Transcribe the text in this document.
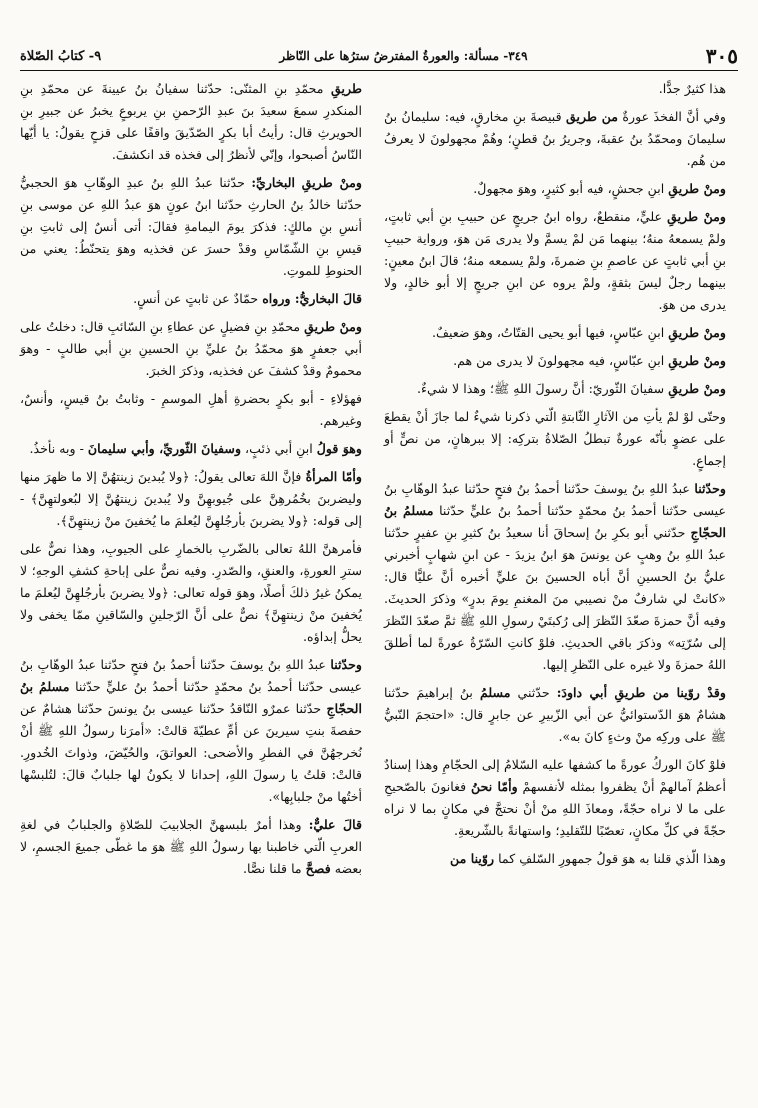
٣٠٥
٣٤٩- مسألة: والعورةُ المفترضُ سترُها على النّاظر
٩- كتابُ الصّلاة

هذا كثيرٌ جدًّا.

وفي أنَّ الفخذَ عورةٌ من طريق قبيصةَ بنِ مخارقٍ، فيه: سليمانُ بنُ سليمانَ ومحمّدُ بنُ عقبةَ، وجريرُ بنُ قطنٍ؛ وهُمْ مجهولونَ لا يعرفُ من هُم.

ومنْ طريقِ ابنِ جحشٍ، فيه أبو كثيرٍ، وهوَ مجهولٌ.

ومنْ طريقِ عليٍّ، منقطعٌ، رواه ابنُ جريجٍ عن حبيبِ بنِ أبي ثابتٍ، ولمْ يسمعهُ منهُ؛ بينهما مَن لمْ يسمَّ ولا يدرى مَن هوَ، ورواية حبيبِ بنِ أبي ثابتٍ عن عاصمِ بنِ ضمرةَ، ولمْ يسمعه منهُ؛ قالَ ابنُ معينٍ: بينهما رجلٌ ليسَ بثقةٍ، ولمْ يروه عن ابنِ جريجٍ إلا أبو خالدٍ، ولا يدرى من هوَ.

ومنْ طريقِ ابنِ عبّاسٍ، فيها أبو يحيى القتّاتُ، وهوَ ضعيفٌ.

ومنْ طريقِ ابنِ عبّاسٍ، فيه مجهولونَ لا يدرى من هم.

ومنْ طريقِ سفيانَ الثّوريّ: أنَّ رسولَ اللهِ ﷺ؛ وهذا لا شيءٌ.

وحتّى لوْ لمْ يأتِ من الآثارِ الثّابتةِ الّتي ذكرنا شيءٌ لما جازَ أنْ يقطعَ على عضوٍ بأنّه عورةٌ تبطلُ الصّلاةُ بتركِه: إلا ببرهانٍ، من نصٍّ أو إجماعٍ.

وحدّثنا عبدُ اللهِ بنُ يوسفَ حدّثنا أحمدُ بنُ فتحٍ حدّثنا عبدُ الوهّابِ بنُ عيسى حدّثنا أحمدُ بنُ محمّدٍ حدّثنا أحمدُ بنُ عليٍّ حدّثنا مسلمُ بنُ الحجّاجِ حدّثني أبو بكرِ بنُ إسحاقَ أنا سعيدُ بنُ كثيرِ بنِ عفيرٍ حدّثنا عبدُ اللهِ بنُ وهبٍ عن يونسَ هوَ ابنُ يزيدَ - عن ابنِ شهابٍ أخبرني عليُّ بنُ الحسينِ أنَّ أباه الحسينَ بنَ عليٍّ أخبره أنَّ عليًّا قال: «كانتْ لي شارفٌ منْ نصيبي منَ المغنمِ يومَ بدرٍ» وذكرَ الحديثَ. وفيه أنَّ حمزةَ صعّدَ النّظرَ إلى رُكبتَيْ رسولِ اللهِ ﷺ ثمَّ صعّدَ النّظرَ إلى سُرّتِه» وذكرَ باقي الحديثِ. فلوْ كانتِ السّرّةُ عورةً لما أطلقَ اللهُ حمزةَ ولا غيره على النّظرِ إليها.

وقدْ روّينا من طريقِ أبي داودَ: حدّثني مسلمُ بنُ إبراهيمَ حدّثنا هشامٌ هوَ الدّستوائيُّ عن أبي الزّبيرِ عن جابرٍ قال: «احتجمَ النّبيُّ ﷺ على وركِه منْ وثءٍ كانَ به».

فلوْ كانَ الوركُ عورةً ما كشفها عليه السّلامُ إلى الحجّامِ وهذا إسنادٌ أعظمُ آمالهمْ أنْ يظفروا بمثله لأنفسهمْ وأمّا نحنُ فغانونَ بالصّحيحِ على ما لا نراه حجّةً، ومعاذَ اللهِ منْ أنْ نحتجَّ في مكانٍ بما لا نراه حجّةً في كلِّ مكانٍ، تعصّبًا للتّقليدِ؛ واستهانةً بالشّريعةِ.

وهذا الّذي قلنا به هوَ قولُ جمهورِ السّلفِ كما روّينا من

طريقِ محمّدِ بنِ المثنّى: حدّثنا سفيانُ بنُ عيينةَ عن محمّدِ بنِ المنكدرِ سمعَ سعيدَ بنَ عبدِ الرّحمنِ بنِ يربوعٍ يخبرُ عن جبيرِ بنِ الحويرثِ قال: رأيتُ أبا بكرٍ الصّدّيقَ واقفًا على قزحٍ يقولُ: يا أيّها النّاسُ أصبحوا، وإنّي لأنظرُ إلى فخذه قد انكشفَ.

ومنْ طريقِ البخاريِّ: حدّثنا عبدُ اللهِ بنُ عبدِ الوهّابِ هوَ الحجبيُّ حدّثنا خالدُ بنُ الحارثِ حدّثنا ابنُ عونٍ هوَ عبدُ اللهِ عن موسى بنِ أنسِ بنِ مالكٍ: فذكرَ يومَ اليمامةِ فقالَ: أتى أنسٌ إلى ثابتِ بنِ قيسِ بنِ الشّمّاسِ وقدْ حسرَ عن فخذيه وهوَ يتحنّطُ: يعني من الحنوطِ للموتِ.

قالَ البخاريُّ: ورواه حمّادٌ عن ثابتٍ عن أنسٍ.

ومنْ طريقِ محمّدِ بنِ فضيلٍ عن عطاءِ بنِ السّائبِ قال: دخلتُ على أبي جعفرٍ هوَ محمّدُ بنُ عليِّ بنِ الحسينِ بنِ أبي طالبٍ - وهوَ محمومٌ وقدْ كشفَ عن فخذيه، وذكرَ الخبرَ.

فهؤلاءِ - أبو بكرٍ بحضرةِ أهلِ الموسمِ - وثابتُ بنُ قيسٍ، وأنسٌ، وغيرهم.

وهوَ قولُ ابنِ أبي ذئبٍ، وسفيانَ الثّوريِّ، وأبي سليمانَ - وبه نأخذُ.

وأمّا المرأةُ فإنَّ اللهَ تعالى يقولُ: ﴿ولا يُبدينَ زينتهُنَّ إلا ما ظهرَ منها وليضربنَ بخُمُرهِنَّ على جُيوبهِنَّ ولا يُبدينَ زينتهُنَّ إلا لبُعولتهِنَّ﴾ - إلى قوله: ﴿ولا يضربنَ بأرجُلهِنَّ ليُعلمَ ما يُخفينَ منْ زينتهِنَّ﴾.

فأمرهنَّ اللهُ تعالى بالضّربِ بالخمارِ على الجيوبِ، وهذا نصٌّ على سترِ العورةِ، والعنقِ، والصّدرِ. وفيه نصٌّ على إباحةِ كشفِ الوجهِ؛ لا يمكنُ غيرُ ذلكَ أصلًا، وهوَ قوله تعالى: ﴿ولا يضربنَ بأرجُلهِنَّ ليُعلمَ ما يُخفينَ منْ زينتهِنَّ﴾ نصٌّ على أنَّ الرّجلينِ والسّاقينِ ممّا يخفى ولا يحلُّ إبداؤه.

وحدّثنا عبدُ اللهِ بنُ يوسفَ حدّثنا أحمدُ بنُ فتحٍ حدّثنا عبدُ الوهّابِ بنُ عيسى حدّثنا أحمدُ بنُ محمّدٍ حدّثنا أحمدُ بنُ عليٍّ حدّثنا مسلمُ بنُ الحجّاجِ حدّثنا عمرٌو النّاقدُ حدّثنا عيسى بنُ يونسَ حدّثنا هشامٌ عن حفصةَ بنتِ سيرينَ عن أمِّ عطيّةَ قالتْ: «أمرَنا رسولُ اللهِ ﷺ أنْ نُخرجهُنَّ في الفطرِ والأضحى: العواتقَ، والحُيّضَ، وذواتَ الخُدورِ. قالتْ: قلتُ يا رسولَ اللهِ، إحدانا لا يكونُ لها جلبابٌ قالَ: لتُلبسْها أختُها منْ جلبابِها».

قالَ عليٌّ: وهذا أمرٌ بلبسهنَّ الجلابيبَ للصّلاةِ والجلبابُ في لغةِ العربِ الّتي خاطبنا بها رسولُ اللهِ ﷺ هوَ ما غطّى جميعَ الجسمِ، لا بعضه فصحَّ ما قلنا نصًّا.
